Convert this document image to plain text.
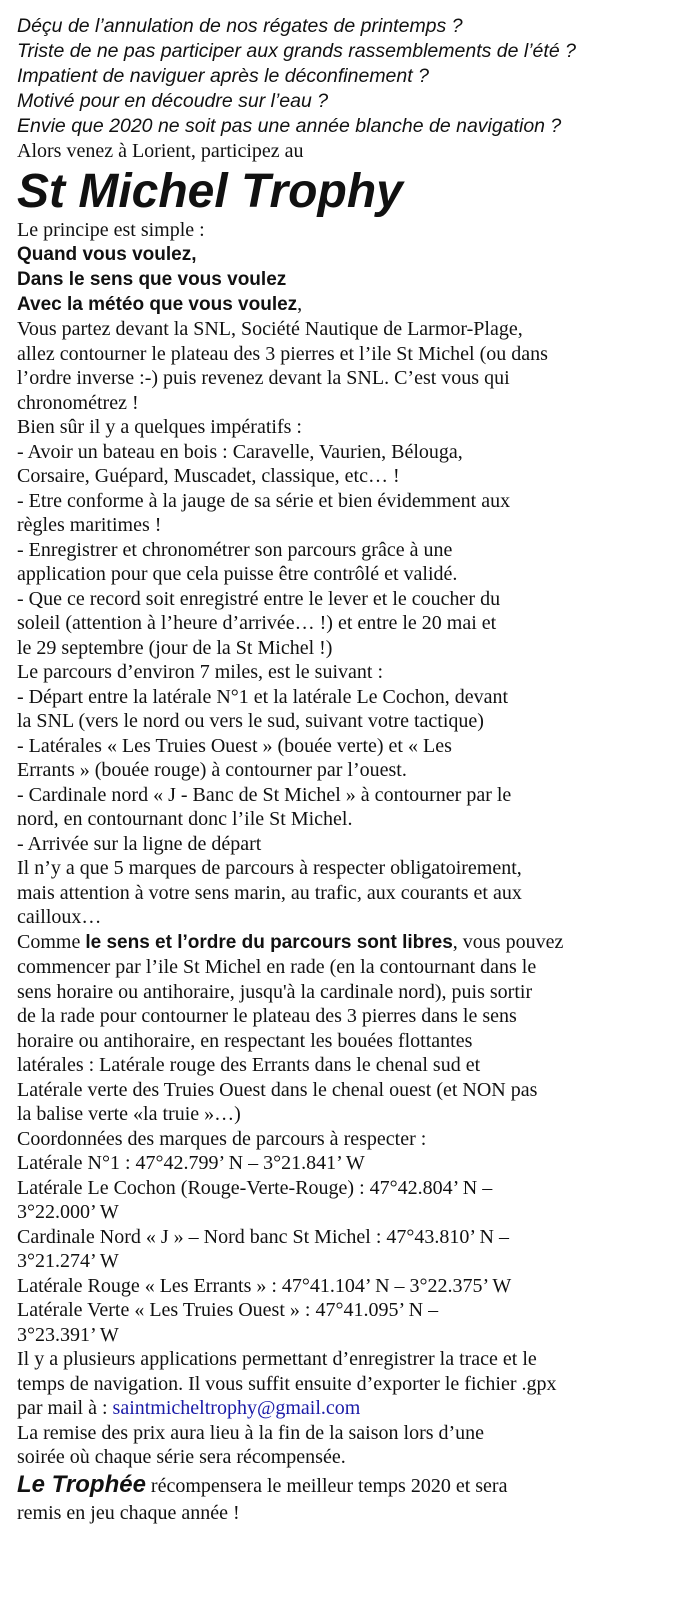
Déçu de l’annulation de nos régates de printemps ?
Triste de ne pas participer aux grands rassemblements de l’été ?
Impatient de naviguer après le déconfinement ?
Motivé pour en découdre sur l’eau ?
Envie que 2020 ne soit pas une année blanche de navigation ?
Alors venez à Lorient, participez au
St Michel Trophy
Le principe est simple :
Quand vous voulez,
Dans le sens que vous voulez
Avec la météo que vous voulez,
Vous partez devant la SNL, Société Nautique de Larmor-Plage,
allez contourner le plateau des 3 pierres et l’ile St Michel (ou dans
l’ordre inverse :-) puis revenez devant la SNL. C’est vous qui
chronométrez !
Bien sûr il y a quelques impératifs :
- Avoir un bateau en bois : Caravelle, Vaurien, Bélouga,
Corsaire, Guépard, Muscadet, classique, etc… !
- Etre conforme à la jauge de sa série et bien évidemment aux
règles maritimes !
- Enregistrer et chronométrer son parcours grâce à une
application pour que cela puisse être contrôlé et validé.
- Que ce record soit enregistré entre le lever et le coucher du
soleil (attention à l’heure d’arrivée… !) et entre le 20 mai et
le 29 septembre (jour de la St Michel !)
Le parcours d’environ 7 miles, est le suivant :
- Départ entre la latérale N°1 et la latérale Le Cochon, devant
la SNL (vers le nord ou vers le sud, suivant votre tactique)
- Latérales « Les Truies Ouest » (bouée verte) et « Les
Errants » (bouée rouge) à contourner par l’ouest.
- Cardinale nord « J - Banc de St Michel » à contourner par le
nord, en contournant donc l’ile St Michel.
- Arrivée sur la ligne de départ
Il n’y a que 5 marques de parcours à respecter obligatoirement,
mais attention à votre sens marin, au trafic, aux courants et aux
cailloux…
Comme le sens et l’ordre du parcours sont libres, vous pouvez
commencer par l’ile St Michel en rade (en la contournant dans le
sens horaire ou antihoraire, jusqu'à la cardinale nord), puis sortir
de la rade pour contourner le plateau des 3 pierres dans le sens
horaire ou antihoraire, en respectant les bouées flottantes
latérales : Latérale rouge des Errants dans le chenal sud et
Latérale verte des Truies Ouest dans le chenal ouest (et NON pas
la balise verte «la truie »…)
Coordonnées des marques de parcours à respecter :
Latérale N°1 : 47°42.799’ N – 3°21.841’ W
Latérale Le Cochon (Rouge-Verte-Rouge) : 47°42.804’ N –
3°22.000’ W
Cardinale Nord « J » – Nord banc St Michel : 47°43.810’ N –
3°21.274’ W
Latérale Rouge « Les Errants » : 47°41.104’ N – 3°22.375’ W
Latérale Verte « Les Truies Ouest » : 47°41.095’ N –
3°23.391’ W
Il y a plusieurs applications permettant d’enregistrer la trace et le
temps de navigation. Il vous suffit ensuite d’exporter le fichier .gpx
par mail à : saintmicheltrophy@gmail.com
La remise des prix aura lieu à la fin de la saison lors d’une
soirée où chaque série sera récompensée.
Le Trophée récompensera le meilleur temps 2020 et sera
remis en jeu chaque année !
